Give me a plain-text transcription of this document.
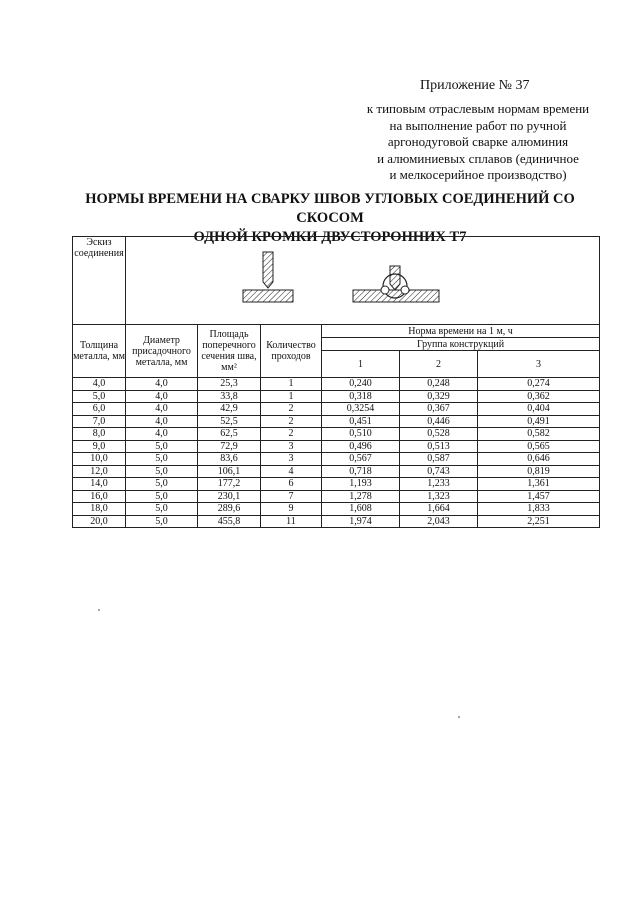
Приложение № 37
к типовым отраслевым нормам времени
на выполнение работ по ручной
аргонодуговой сварке алюминия
и алюминиевых сплавов (единичное
и мелкосерийное производство)
НОРМЫ ВРЕМЕНИ НА СВАРКУ ШВОВ УГЛОВЫХ СОЕДИНЕНИЙ СО СКОСОМ
ОДНОЙ КРОМКИ ДВУСТОРОННИХ Т7
Эскиз соединения	
Толщина металла, мм	Диаметр присадочного металла, мм	Площадь поперечного сечения шва, мм²	Количество проходов	Норма времени на 1 м, ч		
				Группа конструкций		
				1	2	3
4,0	4,0	25,3	1	0,240	0,248	0,274
5,0	4,0	33,8	1	0,318	0,329	0,362
6,0	4,0	42,9	2	0,3254	0,367	0,404
7,0	4,0	52,5	2	0,451	0,446	0,491
8,0	4,0	62,5	2	0,510	0,528	0,582
9,0	5,0	72,9	3	0,496	0,513	0,565
10,0	5,0	83,6	3	0,567	0,587	0,646
12,0	5,0	106,1	4	0,718	0,743	0,819
14,0	5,0	177,2	6	1,193	1,233	1,361
16,0	5,0	230,1	7	1,278	1,323	1,457
18,0	5,0	289,6	9	1,608	1,664	1,833
20,0	5,0	455,8	11	1,974	2,043	2,251
